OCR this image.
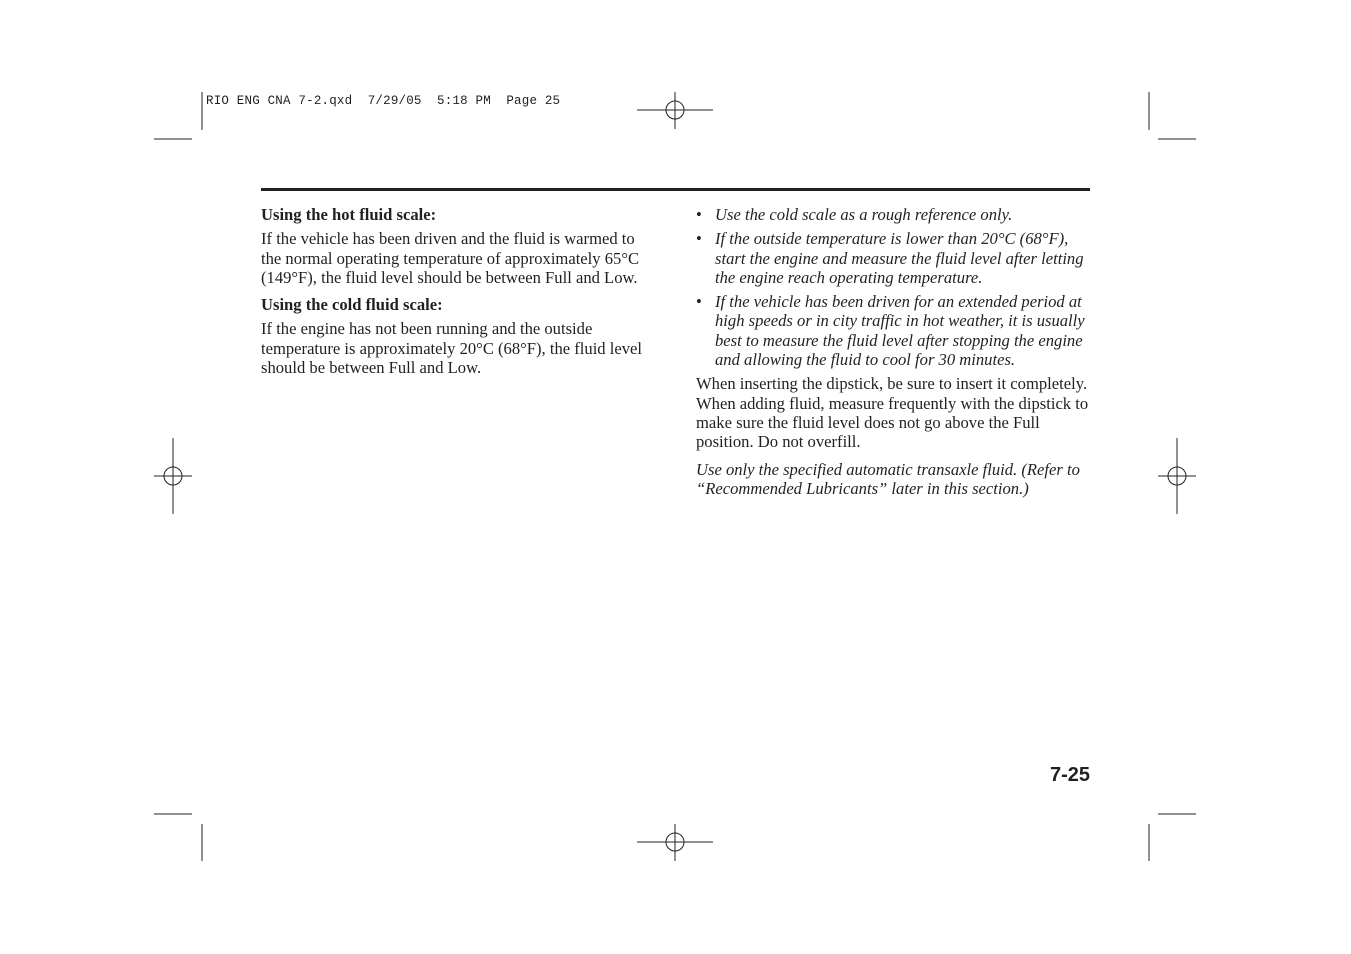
RIO ENG CNA 7-2.qxd  7/29/05  5:18 PM  Page 25

Using the hot fluid scale:

If the vehicle has been driven and the fluid is warmed to the normal operating temperature of approximately 65°C (149°F), the fluid level should be between Full and Low.

Using the cold fluid scale:

If the engine has not been running and the outside temperature is approximately 20°C (68°F), the fluid level should be between Full and Low.

• Use the cold scale as a rough reference only.
• If the outside temperature is lower than 20°C (68°F), start the engine and measure the fluid level after letting the engine reach operating temperature.
• If the vehicle has been driven for an extended period at high speeds or in city traffic in hot weather, it is usually best to measure the fluid level after stopping the engine and allowing the fluid to cool for 30 minutes.

When inserting the dipstick, be sure to insert it completely. When adding fluid, measure frequently with the dipstick to make sure the fluid level does not go above the Full position. Do not overfill.

Use only the specified automatic transaxle fluid. (Refer to “Recommended Lubricants” later in this section.)

7-25
